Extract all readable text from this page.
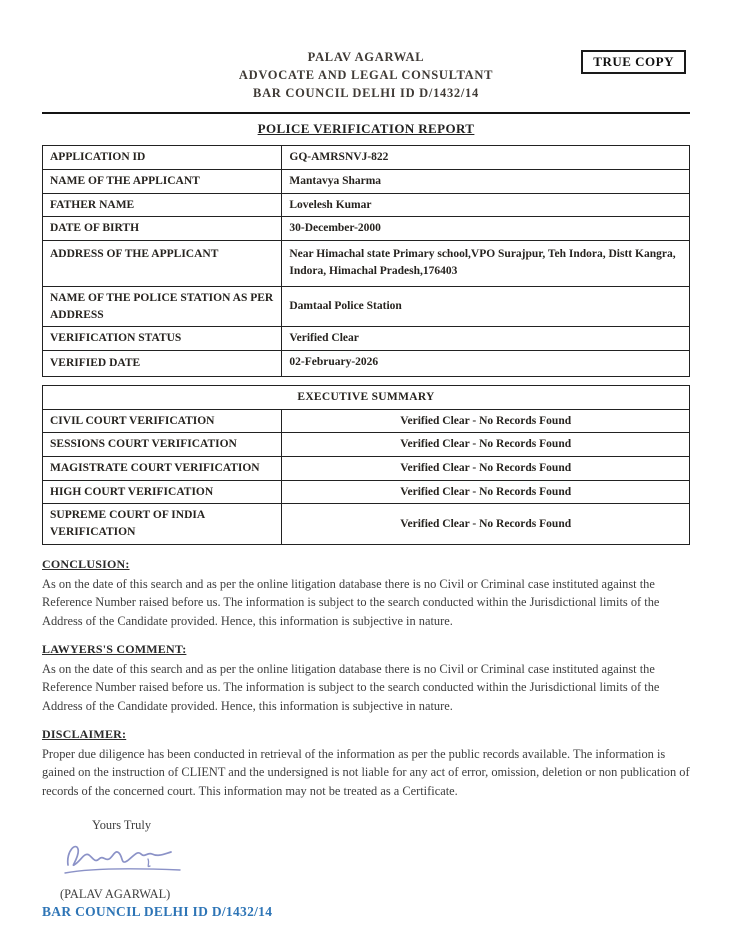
TRUE COPY
PALAV AGARWAL
ADVOCATE AND LEGAL CONSULTANT
BAR COUNCIL DELHI ID D/1432/14
POLICE VERIFICATION REPORT
APPLICATION ID	GQ-AMRSNVJ-822
NAME OF THE APPLICANT	Mantavya Sharma
FATHER NAME	Lovelesh Kumar
DATE OF BIRTH	30-December-2000
ADDRESS OF THE APPLICANT	Near Himachal state Primary school,VPO Surajpur, Teh Indora, Distt Kangra, Indora, Himachal Pradesh,176403
NAME OF THE POLICE STATION AS PER ADDRESS	Damtaal Police Station
VERIFICATION STATUS	Verified Clear
VERIFIED DATE	02-February-2026
EXECUTIVE SUMMARY	
CIVIL COURT VERIFICATION	Verified Clear - No Records Found
SESSIONS COURT VERIFICATION	Verified Clear - No Records Found
MAGISTRATE COURT VERIFICATION	Verified Clear - No Records Found
HIGH COURT VERIFICATION	Verified Clear - No Records Found
SUPREME COURT OF INDIA VERIFICATION	Verified Clear - No Records Found
CONCLUSION:

As on the date of this search and as per the online litigation database there is no Civil or Criminal case instituted against the Reference Number raised before us. The information is subject to the search conducted within the Jurisdictional limits of the Address of the Candidate provided. Hence, this information is subjective in nature.

LAWYERS'S COMMENT:

As on the date of this search and as per the online litigation database there is no Civil or Criminal case instituted against the Reference Number raised before us. The information is subject to the search conducted within the Jurisdictional limits of the Address of the Candidate provided. Hence, this information is subjective in nature.

DISCLAIMER:

Proper due diligence has been conducted in retrieval of the information as per the public records available. The information is gained on the instruction of CLIENT and the undersigned is not liable for any act of error, omission, deletion or non publication of records of the concerned court. This information may not be treated as a Certificate.

Yours Truly
(PALAV AGARWAL)
BAR COUNCIL DELHI ID D/1432/14
